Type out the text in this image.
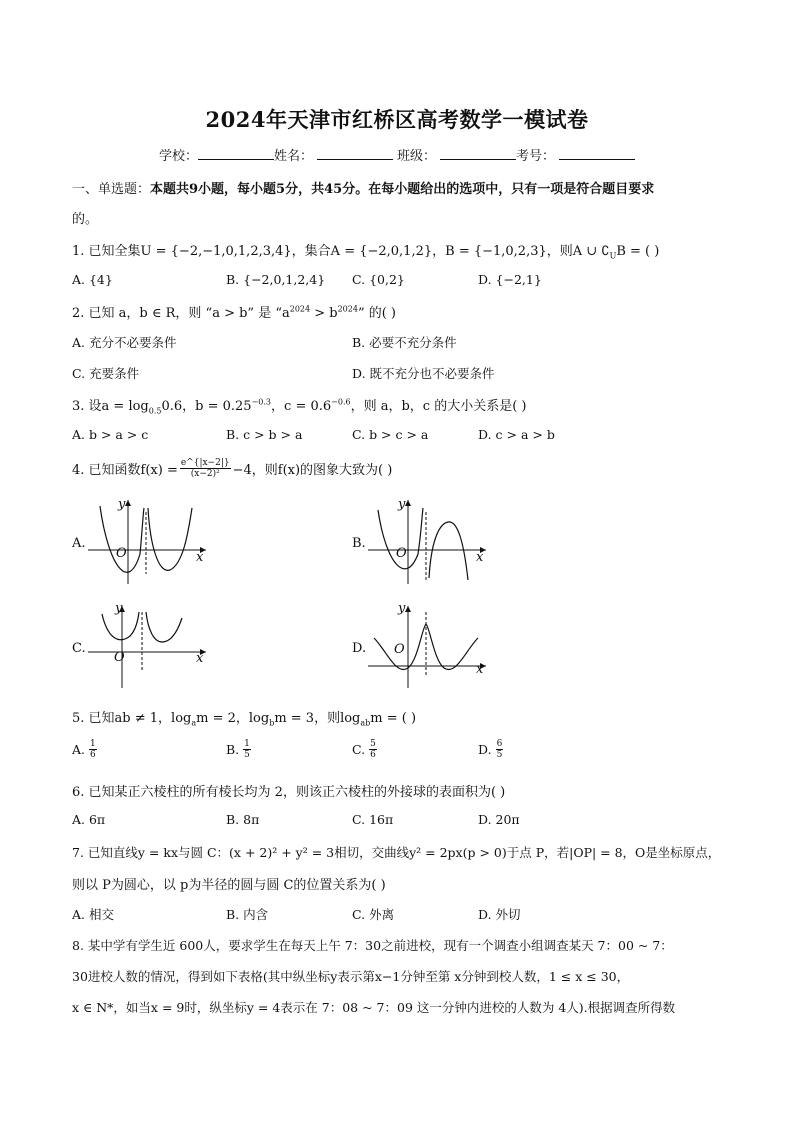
2024年天津市红桥区高考数学一模试卷
学校：	姓名：	班级：	考号：
一、单选题：本题共9小题，每小题5分，共45分。在每小题给出的选项中，只有一项是符合题目要求
的。
1. 已知全集U = {−2,−1,0,1,2,3,4}，集合A = {−2,0,1,2}，B = {−1,0,2,3}，则A ∪ $∁_UB$ = ( )
A. {4}	B. {−2,0,1,2,4} C. {0,2}	D. {−2,1}
2. 已知 a，b ∈ R，则 “a > b” 是 “$a^{2024} > b^{2024}$” 的( )
A. 充分不必要条件	B. 必要不充分条件
C. 充要条件	D. 既不充分也不必要条件
3. 设$a = \log_{0.5}0.6$，$b = 0.25^{-0.3}$，$c = 0.6^{-0.6}$，则 a，b，c 的大小关系是( )
A. b > a > c	B. c > b > a	C. b > c > a	D. c > a > b
4. 已知函数$f(x) = \frac{e\^{}\{|x-2|\}}{\text{(x−2)²}} -4$，则f(x)的图象大致为( )
A.
y
x
O
B.
y
x
O
C.
y
x
O
D.
y
x
O
5. 已知ab ≠ 1，$\log_am = 2$，$\log_bm = 3$，则$\log_{ab}m$ = ( )
A. $\frac{1}{6}$	B. $\frac{1}{5}$	C. $\frac{5}{6}$	D. $\frac{6}{5}$
6. 已知某正六棱柱的所有棱长均为 2，则该正六棱柱的外接球的表面积为( )
A. 6π	B. 8π	C. 16π	D. 20π
7. 已知直线y = kx与圆 C：(x + 2)² + y² = 3相切，交曲线y² = 2px(p > 0)于点 P，若|OP| = 8，O是坐标原点，
则以 P为圆心，以 p为半径的圆与圆 C的位置关系为( )
A. 相交	B. 内含	C. 外离	D. 外切
8. 某中学有学生近 600人，要求学生在每天上午 7：30之前进校，现有一个调查小组调查某天 7：00 ~ 7：
30进校人数的情况，得到如下表格(其中纵坐标y表示第x−1分钟至第 x分钟到校人数，1 ≤ x ≤ 30，
x ∈ N*，如当x = 9时，纵坐标y = 4表示在 7：08 ~ 7：09 这一分钟内进校的人数为 4人).根据调查所得数
